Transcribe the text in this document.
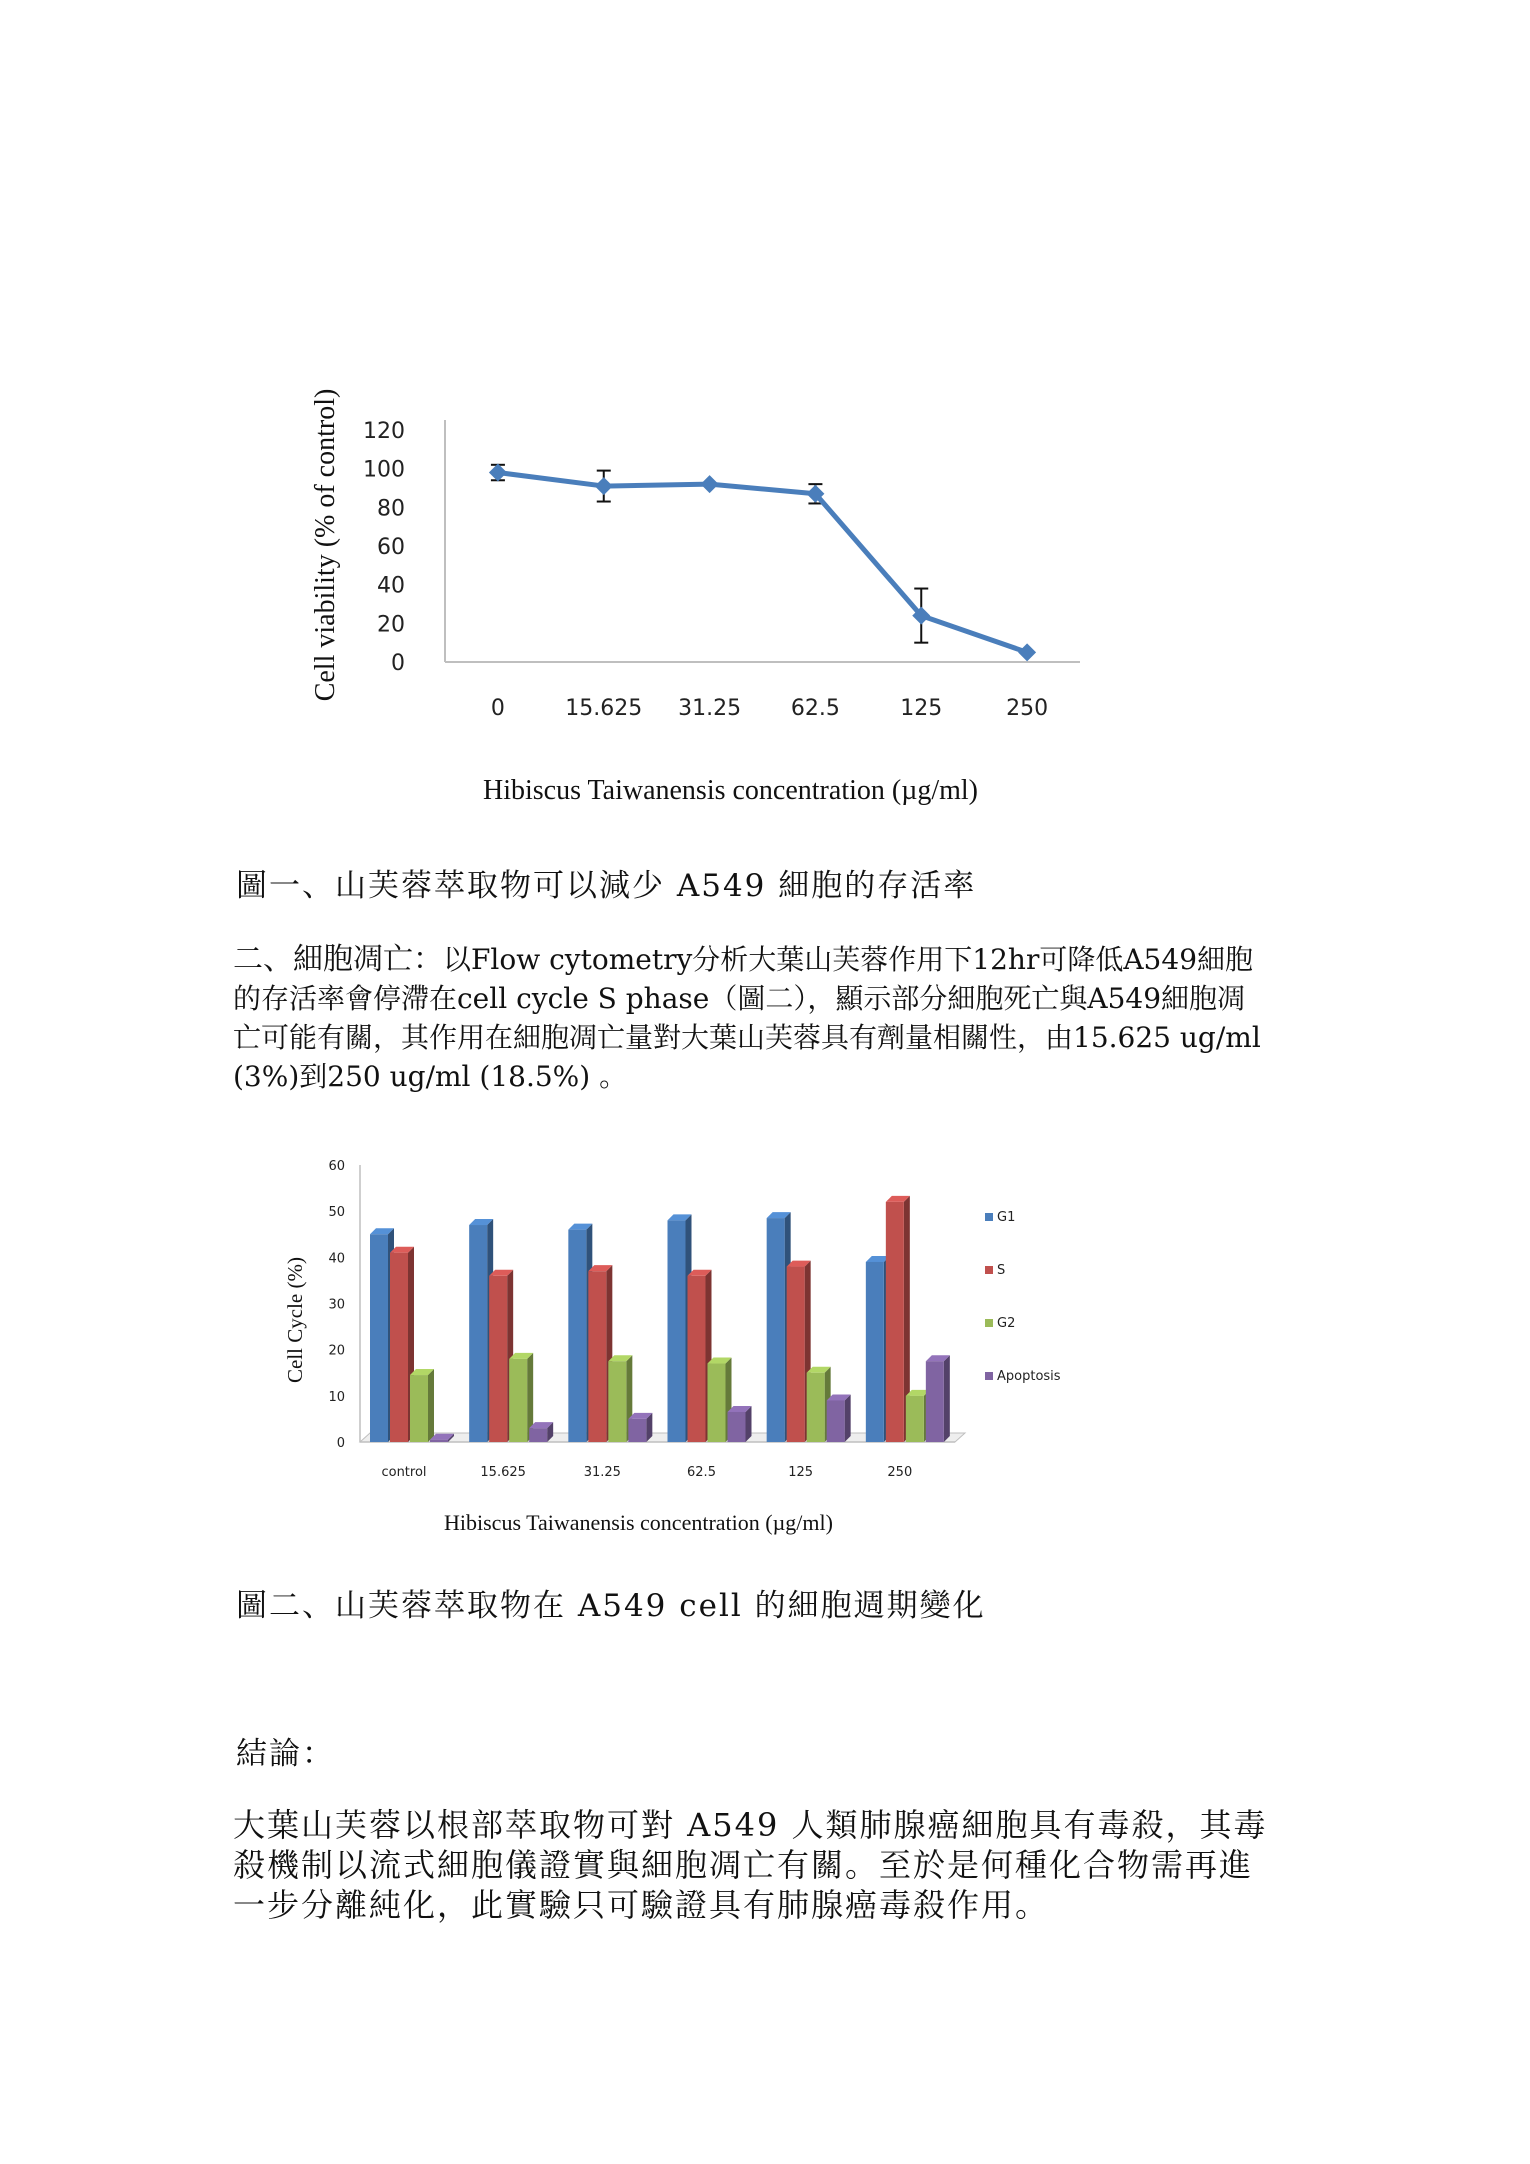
Cell viability (% of control) 0
20
40
60
80
100
120
0	15.625 31.25 62.5	125	250
Hibiscus Taiwanensis concentration (µg/ml)
圖一、山芙蓉萃取物可以減少 A549 細胞的存活率
二、細胞凋亡：以Flow cytometry分析大葉山芙蓉作用下12hr可降低A549細胞
的存活率會停滯在cell cycle S phase（圖二），顯示部分細胞死亡與A549細胞凋
亡可能有關，其作用在細胞凋亡量對大葉山芙蓉具有劑量相關性，由15.625 ug/ml
(3%)到250 ug/ml (18.5%) 。
Cell Cycle (%)
0
10
20
30
40
50
60
control	15.625	31.25	62.5	125	250
G1
S
G2
Apoptosis
Hibiscus Taiwanensis concentration (µg/ml)
圖二、山芙蓉萃取物在 A549 cell 的細胞週期變化
結論：
大葉山芙蓉以根部萃取物可對 A549 人類肺腺癌細胞具有毒殺，其毒
殺機制以流式細胞儀證實與細胞凋亡有關。至於是何種化合物需再進
一步分離純化，此實驗只可驗證具有肺腺癌毒殺作用。
